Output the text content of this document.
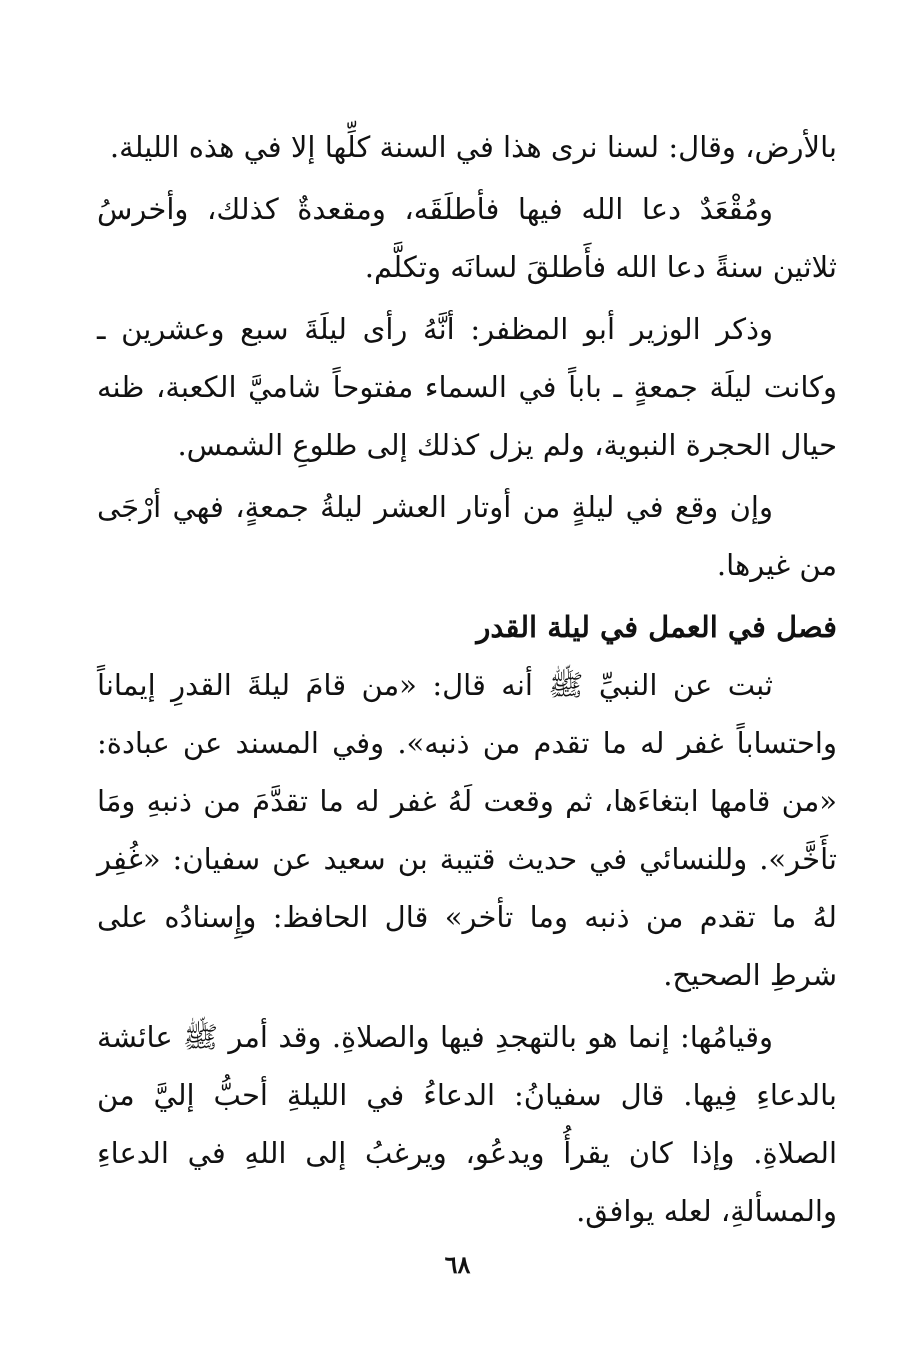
بالأرض، وقال: لسنا نرى هذا في السنة كلِّها إلا في هذه الليلة.

ومُقْعَدٌ دعا الله فيها فأطلَقَه، ومقعدةٌ كذلك، وأخرسُ ثلاثين سنةً دعا الله فأَطلقَ لسانَه وتكلَّم.

وذكر الوزير أبو المظفر: أنَّهُ رأى ليلَةَ سبع وعشرين ـ وكانت ليلَة جمعةٍ ـ باباً في السماء مفتوحاً شاميَّ الكعبة، ظنه حيال الحجرة النبوية، ولم يزل كذلك إلى طلوعِ الشمس.

وإن وقع في ليلةٍ من أوتار العشر ليلةُ جمعةٍ، فهي أرْجَى من غيرها.

فصل في العمل في ليلة القدر

ثبت عن النبيِّ ﷺ أنه قال: «من قامَ ليلةَ القدرِ إيماناً واحتساباً غفر له ما تقدم من ذنبه». وفي المسند عن عبادة: «من قامها ابتغاءَها، ثم وقعت لَهُ غفر له ما تقدَّمَ من ذنبهِ ومَا تأَخَّر». وللنسائي في حديث قتيبة بن سعيد عن سفيان: «غُفِر لهُ ما تقدم من ذنبه وما تأخر» قال الحافظ: وإِسنادُه على شرطِ الصحيح.

وقيامُها: إنما هو بالتهجدِ فيها والصلاةِ. وقد أمر ﷺ عائشة بالدعاءِ فِيها. قال سفيانُ: الدعاءُ في الليلةِ أحبُّ إليَّ من الصلاةِ. وإذا كان يقرأُ ويدعُو، ويرغبُ إلى اللهِ في الدعاءِ والمسألةِ، لعله يوافق.

٦٨
